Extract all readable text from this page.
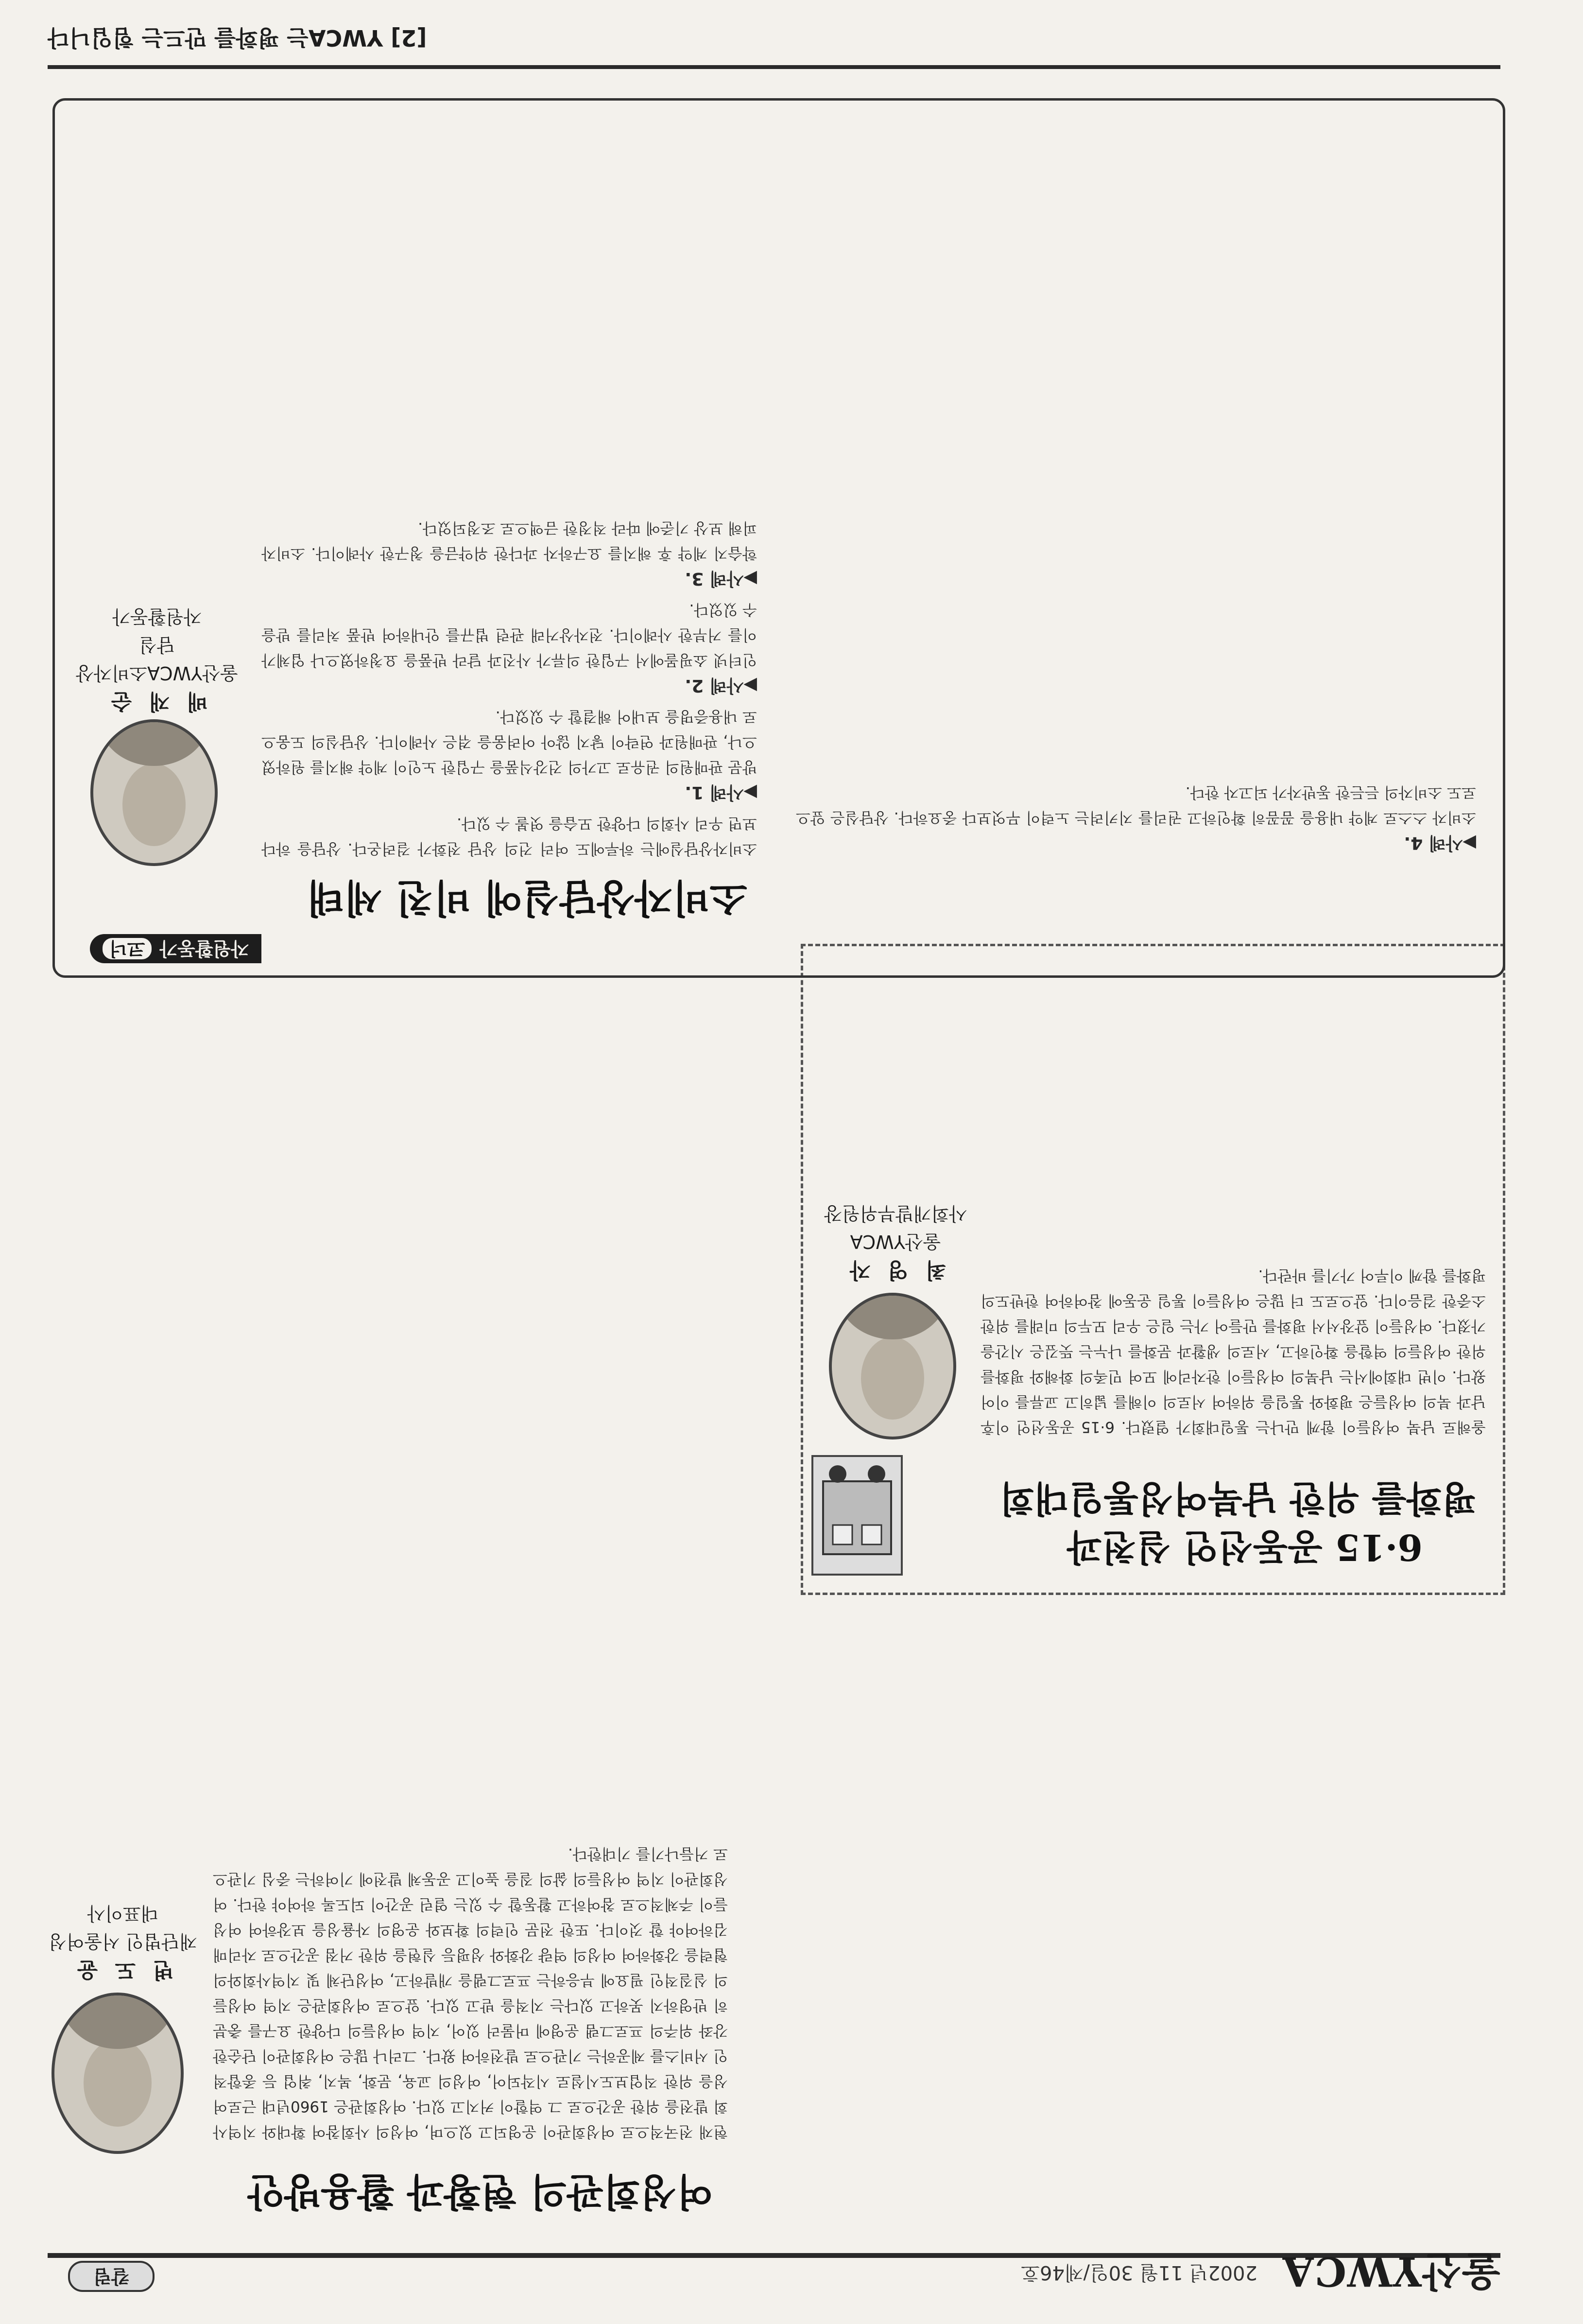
울산YWCA
2002년 11월 30일/제46호
칼럼
여성회관의 현황과 활용방안
변 도 윤
재단법인 서울여성
대표이사
현재 전국적으로 여성회관이 운영되고 있으며, 여성의 사회참여 확대와 지역사회 발전을 위한 공간으로 그 역할이 커지고 있다. 여성회관은 1960년대 근로여성을 위한 직업보도시설로 시작되어, 여성의 교육, 문화, 복지, 취업 등 종합적인 서비스를 제공하는 기관으로 발전하여 왔다. 그러나 많은 여성회관이 단순한 강좌 위주의 프로그램 운영에 머물러 있어, 지역 여성들의 다양한 요구를 충분히 반영하지 못하고 있다는 지적을 받고 있다. 앞으로 여성회관은 지역 여성들의 실질적인 필요에 부응하는 프로그램을 개발하고, 여성단체 및 지역사회와의 협력을 강화하여 여성의 역량 강화와 성평등 실현을 위한 거점 공간으로 자리매김하여야 할 것이다. 또한 전문 인력의 확보와 운영의 자율성을 보장하여 여성들이 주체적으로 참여하고 활동할 수 있는 열린 공간이 되도록 하여야 한다. 여성회관이 지역 여성들의 삶의 질을 높이고 공동체 발전에 기여하는 중심 기관으로 거듭나기를 기대한다.
6·15 공동선언 실천과
평화를 위한 남북여성통일대회
최 영 자
울산YWCA
사회개발부위원장
올해로 남북 여성들이 함께 만나는 통일대회가 열렸다. 6·15 공동선언 이후 남과 북의 여성들은 평화와 통일을 위하여 서로의 이해를 넓히고 교류를 이어왔다. 이번 대회에서는 남북의 여성들이 한자리에 모여 민족의 화해와 평화를 위한 여성들의 역할을 확인하고, 서로의 생활과 문화를 나누는 뜻깊은 시간을 가졌다. 여성들이 앞장서서 평화를 만들어 가는 일은 우리 모두의 미래를 위한 소중한 걸음이다. 앞으로도 더 많은 여성들이 통일 운동에 참여하여 한반도의 평화를 함께 이루어 가기를 바란다.
자원활동가코너
소비자상담실에 비친 세태
배 재 순
울산YWCA소비자상담실
자원활동가
소비자상담실에는 하루에도 여러 건의 상담 전화가 걸려온다. 상담을 하다 보면 우리 사회의 다양한 모습을 엿볼 수 있다.
▶사례 1.
방문 판매원의 권유로 고가의 건강식품을 구입한 노인이 계약 해지를 원하였으나, 판매원과 연락이 닿지 않아 어려움을 겪은 사례이다. 상담실의 도움으로 내용증명을 보내어 해결할 수 있었다.
▶사례 2.
인터넷 쇼핑몰에서 구입한 의류가 사진과 달라 반품을 요청하였으나 업체가 이를 거부한 사례이다. 전자상거래 관련 법규를 안내하여 반품 처리를 받을 수 있었다.
▶사례 3.
학습지 계약 후 해지를 요구하자 과다한 위약금을 청구한 사례이다. 소비자 피해 보상 기준에 따라 적정한 금액으로 조정되었다.
▶사례 4.
소비자 스스로 계약 내용을 꼼꼼히 확인하고 권리를 지키려는 노력이 무엇보다 중요하다. 상담실은 앞으로도 소비자의 든든한 동반자가 되고자 한다.
[2] YWCA는 평화를 만드는 힘입니다
